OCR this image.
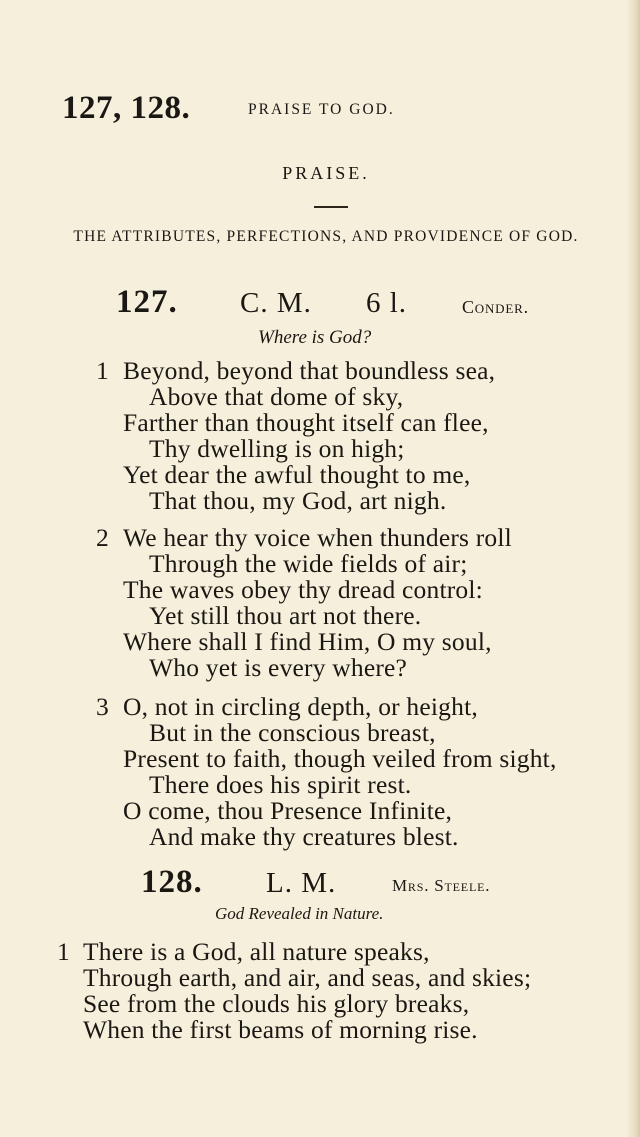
127, 128.	PRAISE TO GOD.
PRAISE.
THE ATTRIBUTES, PERFECTIONS, AND PROVIDENCE OF GOD.
127. C. M. 6 l.	Conder.
Where is God?
1 Beyond, beyond that boundless sea,
Above that dome of sky,
Farther than thought itself can flee,
Thy dwelling is on high;
Yet dear the awful thought to me,
That thou, my God, art nigh.
2 We hear thy voice when thunders roll
Through the wide fields of air;
The waves obey thy dread control:
Yet still thou art not there.
Where shall I find Him, O my soul,
Who yet is every where?
3 O, not in circling depth, or height,
But in the conscious breast,
Present to faith, though veiled from sight,
There does his spirit rest.
O come, thou Presence Infinite,
And make thy creatures blest.
128. L. M.	Mrs. Steele.
God Revealed in Nature.
1 There is a God, all nature speaks,
Through earth, and air, and seas, and skies;
See from the clouds his glory breaks,
When the first beams of morning rise.
